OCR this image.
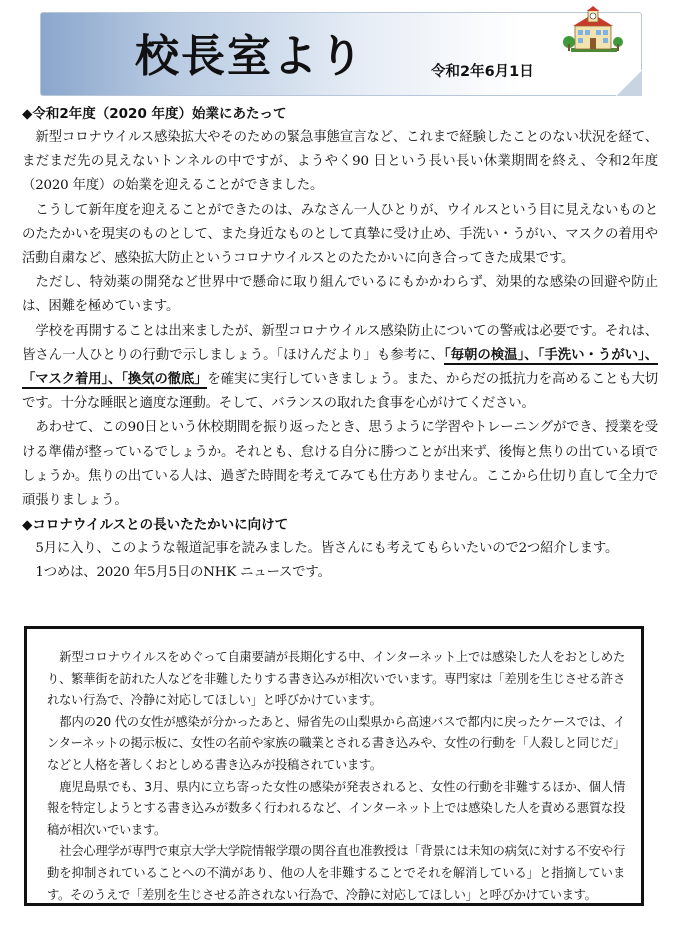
校長室より	令和2年6月1日

◆令和2年度（2020 年度）始業にあたって

新型コロナウイルス感染拡大やそのための緊急事態宣言など、これまで経験したことのない状況を経て、まだまだ先の見えないトンネルの中ですが、ようやく90 日という長い長い休業期間を終え、令和2年度（2020 年度）の始業を迎えることができました。

こうして新年度を迎えることができたのは、みなさん一人ひとりが、ウイルスという目に見えないものとのたたかいを現実のものとして、また身近なものとして真摯に受け止め、手洗い・うがい、マスクの着用や活動自粛など、感染拡大防止というコロナウイルスとのたたかいに向き合ってきた成果です。

ただし、特効薬の開発など世界中で懸命に取り組んでいるにもかかわらず、効果的な感染の回避や防止は、困難を極めています。

学校を再開することは出来ましたが、新型コロナウイルス感染防止についての警戒は必要です。それは、皆さん一人ひとりの行動で示しましょう。「ほけんだより」も参考に、「毎朝の検温」、「手洗い・うがい」、「マスク着用」、「換気の徹底」を確実に実行していきましょう。また、からだの抵抗力を高めることも大切です。十分な睡眠と適度な運動。そして、バランスの取れた食事を心がけてください。

あわせて、この90日という休校期間を振り返ったとき、思うように学習やトレーニングができ、授業を受ける準備が整っているでしょうか。それとも、怠ける自分に勝つことが出来ず、後悔と焦りの出ている頃でしょうか。焦りの出ている人は、過ぎた時間を考えてみても仕方ありません。ここから仕切り直して全力で頑張りましょう。

◆コロナウイルスとの長いたたかいに向けて

5月に入り、このような報道記事を読みました。皆さんにも考えてもらいたいので2つ紹介します。

1つめは、2020 年5月5日のNHK ニュースです。

新型コロナウイルスをめぐって自粛要請が長期化する中、インターネット上では感染した人をおとしめたり、繁華街を訪れた人などを非難したりする書き込みが相次いでいます。専門家は「差別を生じさせる許されない行為で、冷静に対応してほしい」と呼びかけています。

都内の20 代の女性が感染が分かったあと、帰省先の山梨県から高速バスで都内に戻ったケースでは、インターネットの掲示板に、女性の名前や家族の職業とされる書き込みや、女性の行動を「人殺しと同じだ」などと人格を著しくおとしめる書き込みが投稿されています。

鹿児島県でも、3月、県内に立ち寄った女性の感染が発表されると、女性の行動を非難するほか、個人情報を特定しようとする書き込みが数多く行われるなど、インターネット上では感染した人を責める悪質な投稿が相次いでいます。

社会心理学が専門で東京大学大学院情報学環の関谷直也准教授は「背景には未知の病気に対する不安や行動を抑制されていることへの不満があり、他の人を非難することでそれを解消している」と指摘しています。そのうえで「差別を生じさせる許されない行為で、冷静に対応してほしい」と呼びかけています。
